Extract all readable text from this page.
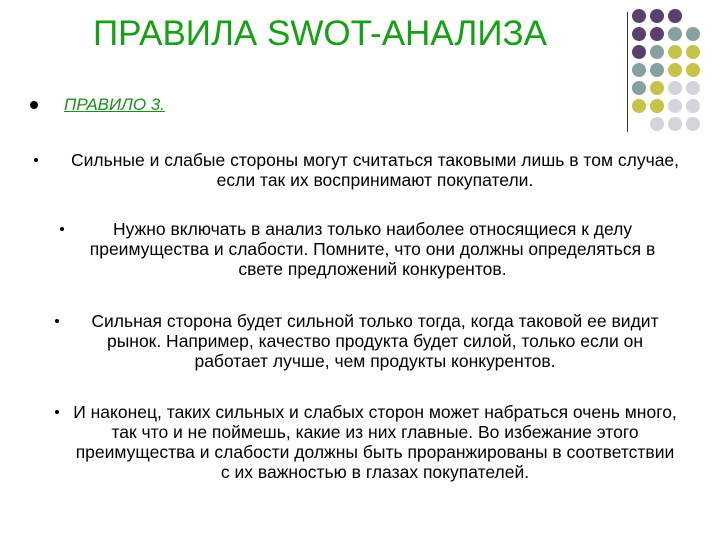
ПРАВИЛА SWOT-АНАЛИЗА
ПРАВИЛО 3.
Сильные и слабые стороны могут считаться таковыми лишь в том случае, если так их воспринимают покупатели.
Нужно включать в анализ только наиболее относящиеся к делу преимущества и слабости. Помните, что они должны определяться в свете предложений конкурентов.
Сильная сторона будет сильной только тогда, когда таковой ее видит рынок. Например, качество продукта будет силой, только если он работает лучше, чем продукты конкурентов.
И наконец, таких сильных и слабых сторон может набраться очень много, так что и не поймешь, какие из них главные. Во избежание этого преимущества и слабости должны быть проранжированы в соответствии с их важностью в глазах покупателей.
